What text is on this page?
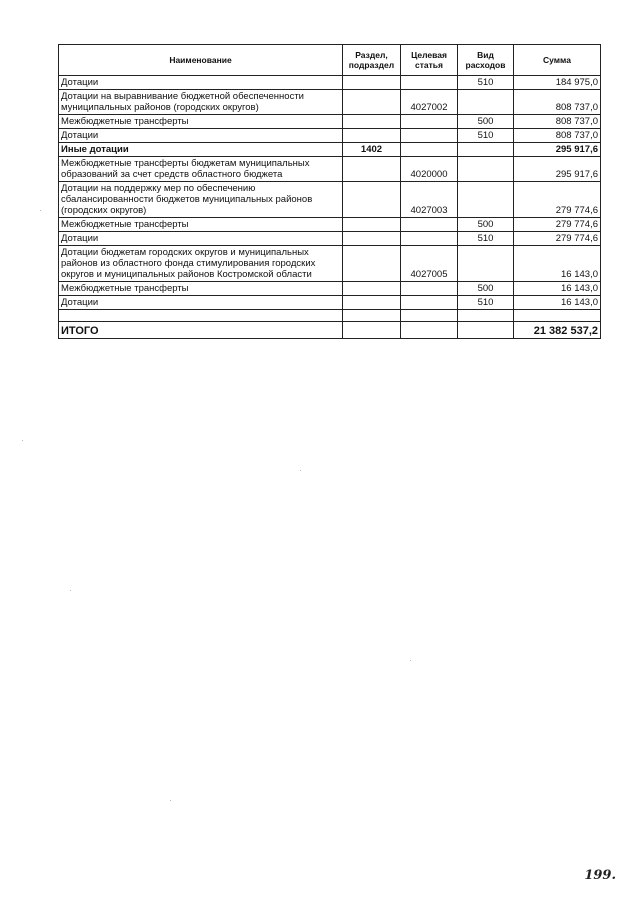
Наименование	Раздел, подраздел	Целевая статья	Вид расходов	Сумма
Дотации			510	184 975,0
Дотации на выравнивание бюджетной обеспеченности муниципальных районов (городских округов)		4027002		808 737,0
Межбюджетные трансферты			500	808 737,0
Дотации			510	808 737,0
Иные дотации	1402			295 917,6
Межбюджетные трансферты бюджетам муниципальных образований за счет средств областного бюджета		4020000		295 917,6
Дотации на поддержку мер по обеспечению сбалансированности бюджетов муниципальных районов (городских округов)		4027003		279 774,6
Межбюджетные трансферты			500	279 774,6
Дотации			510	279 774,6
Дотации бюджетам городских округов и муниципальных районов из областного фонда стимулирования городских округов и муниципальных районов Костромской области		4027005		16 143,0
Межбюджетные трансферты			500	16 143,0
Дотации			510	16 143,0

ИТОГО				21 382 537,2
199.
